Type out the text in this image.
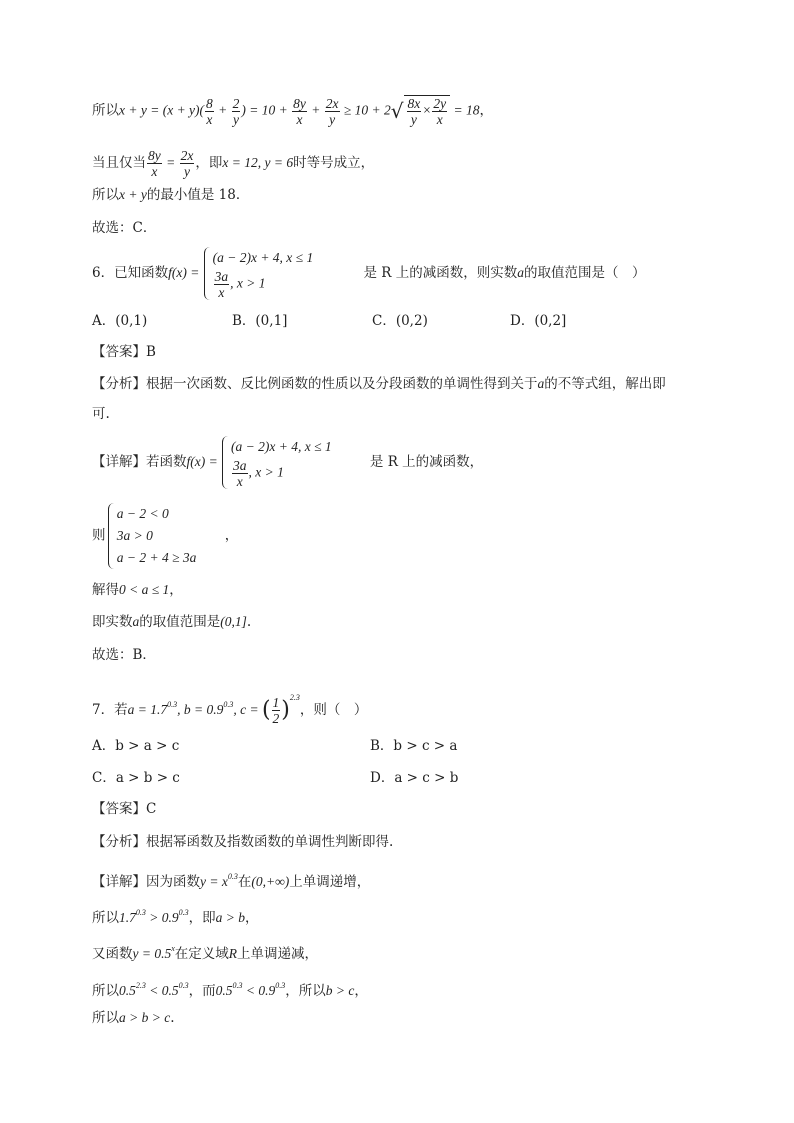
所以$x + y = (x + y)( \frac{8}{x} + \frac{2}{y}$ ) = $10 + \frac{8y}{x} + \frac{2x}{y} \ge 10 + 2√ \frac{8x}{y} \times \frac{2y}{x} = 18$，
当且仅当 $\frac{8y}{x} = \frac{2x}{y}$ ，即x = 12, y = 6时等号成立，
所以x + y的最小值是 18．
故选：C．
6．已知函数f(x) =
(a − 2)x + 4, x ≤ 1
$\frac{3a}{x}$ , x > 1
是 R 上的减函数，则实数a的取值范围是（　）
A．(0,1)	B．(0,1]	C．(0,2)	D．(0,2]
【答案】B
【分析】根据一次函数、反比例函数的性质以及分段函数的单调性得到关于a的不等式组，解出即
可.
【详解】若函数f(x) =
(a − 2)x + 4, x ≤ 1
$\frac{3a}{x}$ , x > 1
是 R 上的减函数，
则
a − 2 < 0
3a > 0
a − 2 + 4 ≥ 3a
，
解得0 < a ≤ 1，
即实数a的取值范围是(0,1].
故选：B．
7．若$a = 1.7^{0.3}$, $b = 0.9^{0.3}$, c = ( $\frac{1}{2} )^{2.3}$，则（　）
A．b > a > c	B．b > c > a
C．a > b > c	D．a > c > b
【答案】C
【分析】根据幂函数及指数函数的单调性判断即得.
【详解】因为函数$y = x^{0.3}$在(0,+∞)上单调递增，
所以$1.7^{0.3} > 0.9^{0.3}$，即a > b，
又函数$y = 0.5^x$在定义域R上单调递减，
所以$0.5^{2.3} < 0.5^{0.3}$，而$0.5^{0.3} < 0.9^{0.3}$，所以b > c，
所以a > b > c.
